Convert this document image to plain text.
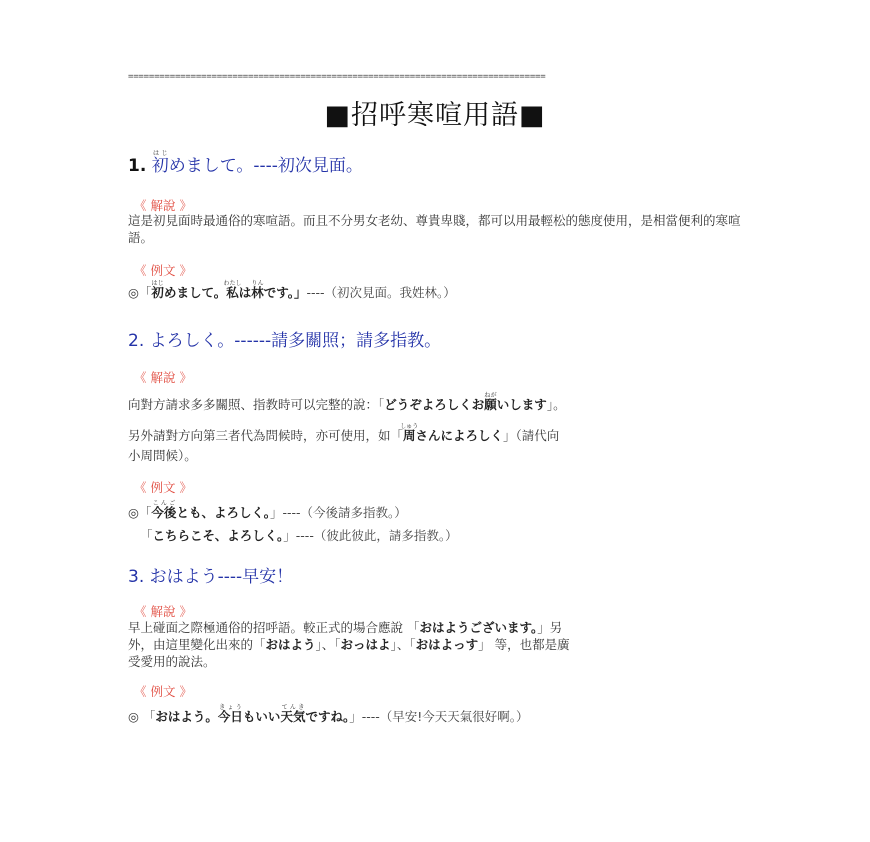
================================================================================
■招呼寒喧用語■
1. 初はじめまして。----初次見面。
《 解說 》
這是初見面時最通俗的寒喧語。而且不分男女老幼、尊貴卑賤，都可以用最輕松的態度使用，是相當便利的寒喧語。
《 例文 》
◎「初はじめまして。私わたしは林りんです。」----（初次見面。我姓林。）
2. よろしく。------請多關照；請多指教。
《 解說 》
向對方請求多多關照、指教時可以完整的說：「どうぞよろしくお願ねがいします」。
另外請對方向第三者代為問候時，亦可使用，如「周しゅうさんによろしく」（請代向
小周問候）。
《 例文 》
◎「今後こんごとも、よろしく。」----（今後請多指教。）
「こちらこそ、よろしく。」----（彼此彼此，請多指教。）
3. おはよう----早安！
《 解說 》
早上碰面之際極通俗的招呼語。較正式的場合應說 「おはようございます。」另
外，由這里變化出來的「おはよう」、「おっはよ」、「おはよっす」 等，也都是廣
受愛用的說法。
《 例文 》
◎ 「おはよう。今日きょうもいい天気てんきですね。」----（早安!今天天氣很好啊。）
